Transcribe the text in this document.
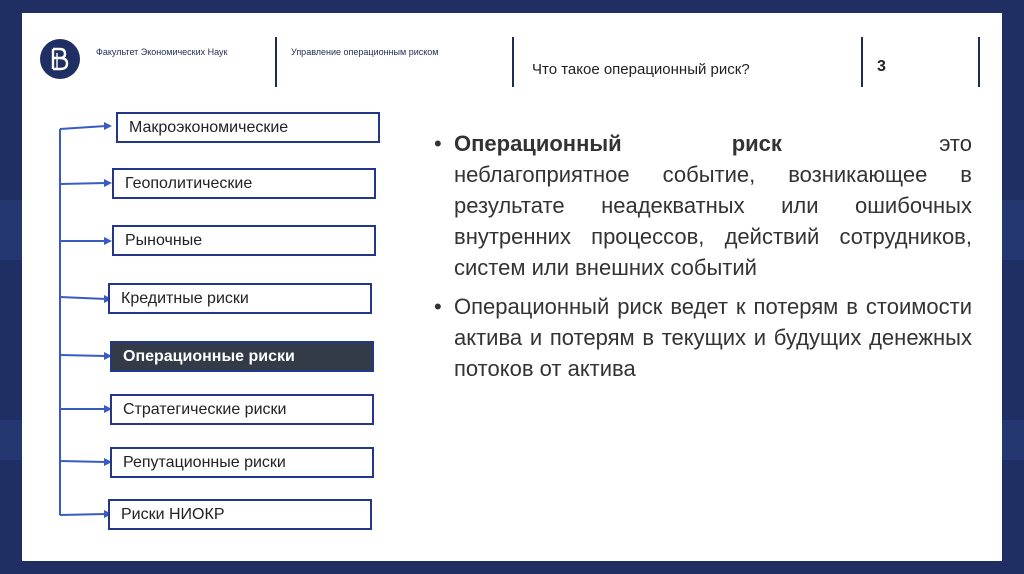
Факультет Экономических Наук	Управление операционным риском
Что такое операционный риск?	3
Макроэкономические
Геополитические
Рыночные
Кредитные риски
Операционные риски
Стратегические риски
Репутационные риски
Риски НИОКР
• Операционный     	риск это неблагоприятное событие, возникающее в результате неадекватных или ошибочных внутренних процессов, действий сотрудников, систем или внешних событий
• Операционный риск ведет к потерям в стоимости актива и потерям в текущих и будущих денежных потоков от актива
